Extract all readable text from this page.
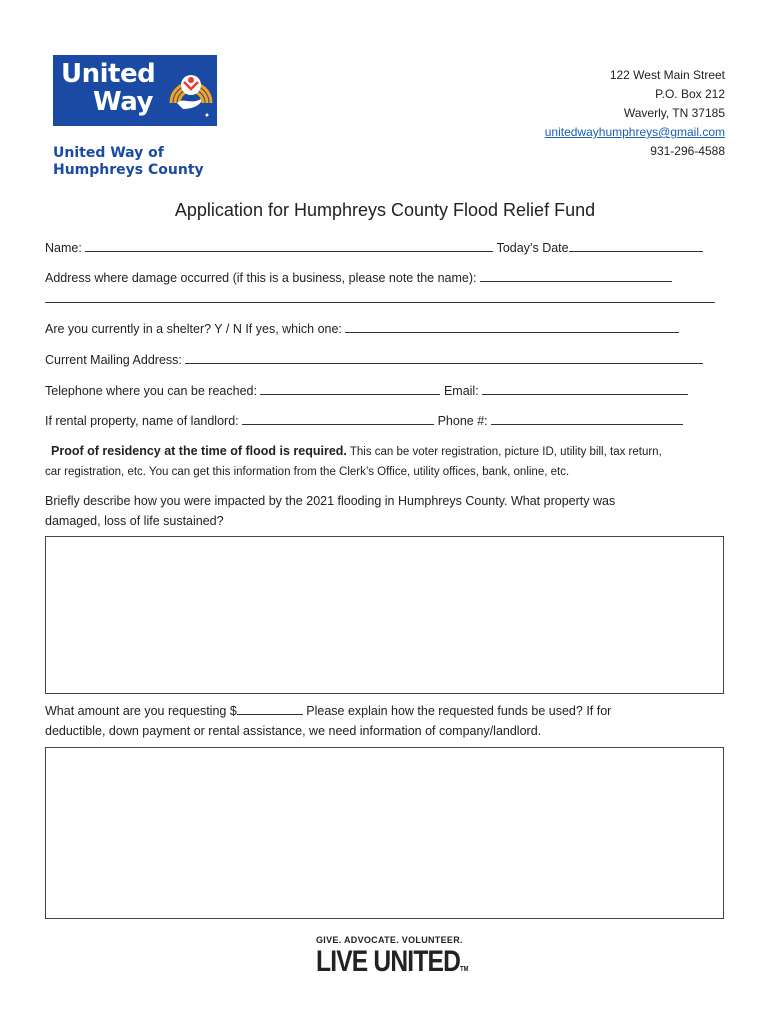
United
Way
United Way of
Humphreys County
122 West Main Street
P.O. Box 212
Waverly, TN 37185
unitedwayhumphreys@gmail.com
931-296-4588
Application for Humphreys County Flood Relief Fund
Name:	Today’s Date
Address where damage occurred (if this is a business, please note the name):
Are you currently in a shelter? Y / N If yes, which one:
Current Mailing Address:
Telephone where you can be reached:	Email:
If rental property, name of landlord:	Phone #:
Proof of residency at the time of flood is required. This can be voter registration, picture ID, utility bill, tax return,
car registration, etc. You can get this information from the Clerk’s Office, utility offices, bank, online, etc.
Briefly describe how you were impacted by the 2021 flooding in Humphreys County. What property was
damaged, loss of life sustained?
What amount are you requesting $	Please explain how the requested funds be used? If for
deductible, down payment or rental assistance, we need information of company/landlord.
GIVE. ADVOCATE. VOLUNTEER.
LIVE UNITEDTM
